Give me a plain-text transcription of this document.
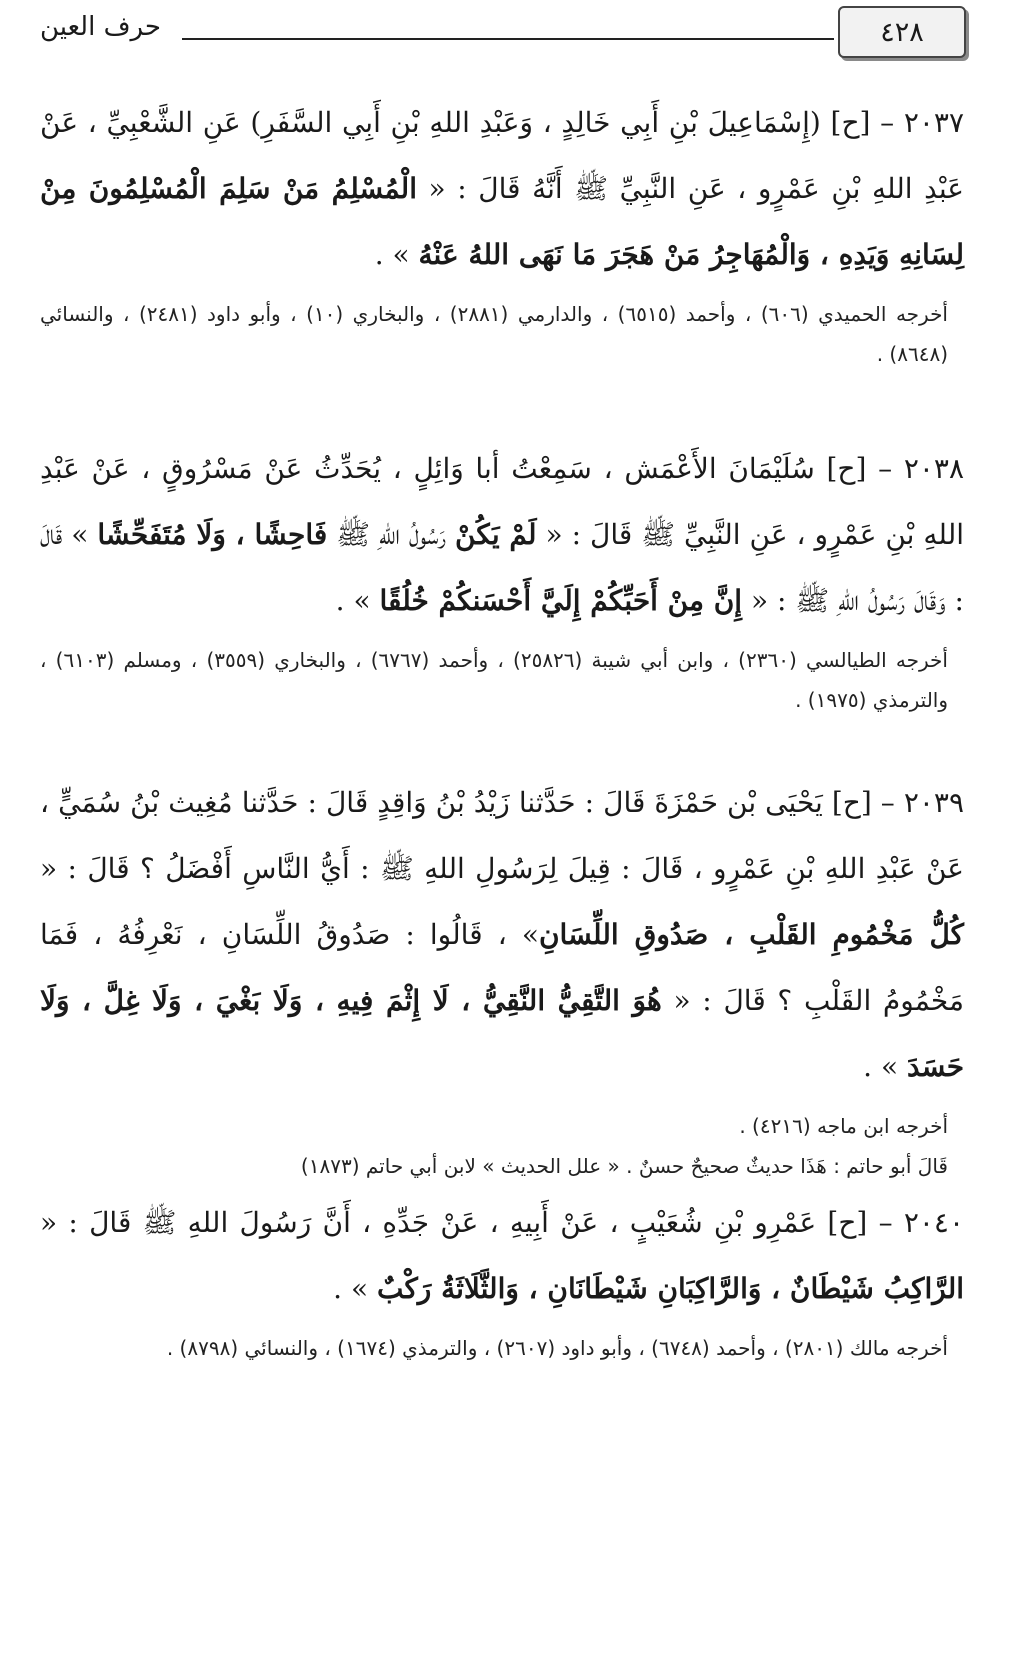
٤٢٨
حرف العين

٢٠٣٧ – [ح] (إِسْمَاعِيلَ بْنِ أَبِي خَالِدٍ ، وَعَبْدِ اللهِ بْنِ أَبِي السَّفَرِ) عَنِ الشَّعْبِيِّ ، عَنْ عَبْدِ اللهِ بْنِ عَمْرٍو ، عَنِ النَّبِيِّ ﷺ أَنَّهُ قَالَ : « الْمُسْلِمُ مَنْ سَلِمَ الْمُسْلِمُونَ مِنْ لِسَانِهِ وَيَدِهِ ، وَالْمُهَاجِرُ مَنْ هَجَرَ مَا نَهَى اللهُ عَنْهُ » .

أخرجه الحميدي (٦٠٦) ، وأحمد (٦٥١٥) ، والدارمي (٢٨٨١) ، والبخاري (١٠) ، وأبو داود (٢٤٨١) ، والنسائي (٨٦٤٨) .

٢٠٣٨ – [ح] سُلَيْمَانَ الأَعْمَش ، سَمِعْتُ أبا وَائِلٍ ، يُحَدِّثُ عَنْ مَسْرُوقٍ ، عَنْ عَبْدِ اللهِ بْنِ عَمْرٍو ، عَنِ النَّبِيِّ ﷺ قَالَ : « لَمْ يَكُنْ رَسُولُ اللهِ ﷺ فَاحِشًا ، وَلَا مُتَفَحِّشًا » قَالَ : وَقَالَ رَسُولُ اللهِ ﷺ : « إِنَّ مِنْ أَحَبِّكُمْ إِلَيَّ أَحْسَنكُمْ خُلُقًا » .

أخرجه الطيالسي (٢٣٦٠) ، وابن أبي شيبة (٢٥٨٢٦) ، وأحمد (٦٧٦٧) ، والبخاري (٣٥٥٩) ، ومسلم (٦١٠٣) ، والترمذي (١٩٧٥) .

٢٠٣٩ – [ح] يَحْيَى بْن حَمْزَةَ قَالَ : حَدَّثنا زَيْدُ بْنُ وَاقِدٍ قَالَ : حَدَّثنا مُغِيث بْنُ سُمَيٍّ ، عَنْ عَبْدِ اللهِ بْنِ عَمْرٍو ، قَالَ : قِيلَ لِرَسُولِ اللهِ ﷺ : أَيُّ النَّاسِ أَفْضَلُ ؟ قَالَ : « كُلُّ مَخْمُومِ القَلْبِ ، صَدُوقِ اللِّسَانِ» ، قَالُوا : صَدُوقُ اللِّسَانِ ، نَعْرِفُهُ ، فَمَا مَخْمُومُ القَلْبِ ؟ قَالَ : « هُوَ التَّقِيُّ النَّقِيُّ ، لَا إِثْمَ فِيهِ ، وَلَا بَغْيَ ، وَلَا غِلَّ ، وَلَا حَسَدَ » .

أخرجه ابن ماجه (٤٢١٦) .

قَالَ أبو حاتم : هَذَا حديثٌ صحيحٌ حسنٌ . « علل الحديث » لابن أبي حاتم (١٨٧٣)

٢٠٤٠ – [ح] عَمْرِو بْنِ شُعَيْبٍ ، عَنْ أَبِيهِ ، عَنْ جَدِّهِ ، أَنَّ رَسُولَ اللهِ ﷺ قَالَ : « الرَّاكِبُ شَيْطَانٌ ، وَالرَّاكِبَانِ شَيْطَانَانِ ، وَالثَّلَاثَةُ رَكْبٌ » .

أخرجه مالك (٢٨٠١) ، وأحمد (٦٧٤٨) ، وأبو داود (٢٦٠٧) ، والترمذي (١٦٧٤) ، والنسائي (٨٧٩٨) .
